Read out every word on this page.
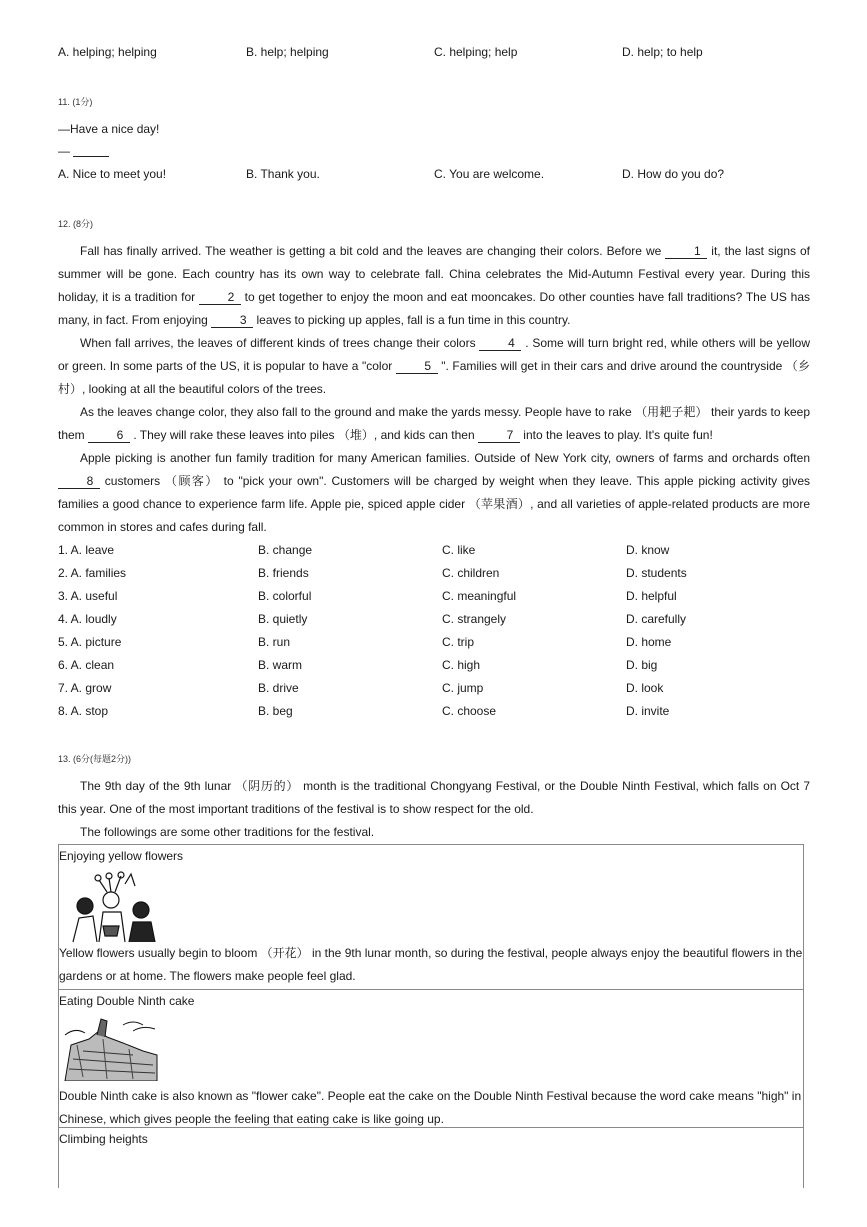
A. helping; helping	B. help; helping	C. helping; help	D. help; to help
11. (1分)
—Have a nice day!
—
A. Nice to meet you!	B. Thank you.	C. You are welcome.	D. How do you do?
12. (8分)

Fall has finally arrived. The weather is getting a bit cold and the leaves are changing their colors. Before we 1 it, the last signs of summer will be gone. Each country has its own way to celebrate fall. China celebrates the Mid-Autumn Festival every year. During this holiday, it is a tradition for 2 to get together to enjoy the moon and eat mooncakes. Do other counties have fall traditions? The US has many, in fact. From enjoying 3 leaves to picking up apples, fall is a fun time in this country.

When fall arrives, the leaves of different kinds of trees change their colors 4 . Some will turn bright red, while others will be yellow or green. In some parts of the US, it is popular to have a "color 5 ". Families will get in their cars and drive around the countryside （乡村）, looking at all the beautiful colors of the trees.

As the leaves change color, they also fall to the ground and make the yards messy. People have to rake （用耙子耙） their yards to keep them 6 . They will rake these leaves into piles （堆）, and kids can then 7 into the leaves to play. It's quite fun!

Apple picking is another fun family tradition for many American families. Outside of New York city, owners of farms and orchards often 8 customers （顾客） to "pick your own". Customers will be charged by weight when they leave. This apple picking activity gives families a good chance to experience farm life. Apple pie, spiced apple cider （苹果酒）, and all varieties of apple-related products are more common in stores and cafes during fall.

1. A. leave	B. change	C. like	D. know
2. A. families	B. friends	C. children	D. students
3. A. useful	B. colorful	C. meaningful	D. helpful
4. A. loudly	B. quietly	C. strangely	D. carefully
5. A. picture	B. run	C. trip	D. home
6. A. clean	B. warm	C. high	D. big
7. A. grow	B. drive	C. jump	D. look
8. A. stop	B. beg	C. choose	D. invite
13. (6分(每题2分))

The 9th day of the 9th lunar （阴历的） month is the traditional Chongyang Festival, or the Double Ninth Festival, which falls on Oct 7 this year. One of the most important traditions of the festival is to show respect for the old.

The followings are some other traditions for the festival.

Enjoying yellow flowers
Yellow flowers usually begin to bloom （开花） in the 9th lunar month, so during the festival, people always enjoy the beautiful flowers in the gardens or at home. The flowers make people feel glad.
Eating Double Ninth cake
Double Ninth cake is also known as "flower cake". People eat the cake on the Double Ninth Festival because the word cake means "high" in Chinese, which gives people the feeling that eating cake is like going up.
Climbing heights
